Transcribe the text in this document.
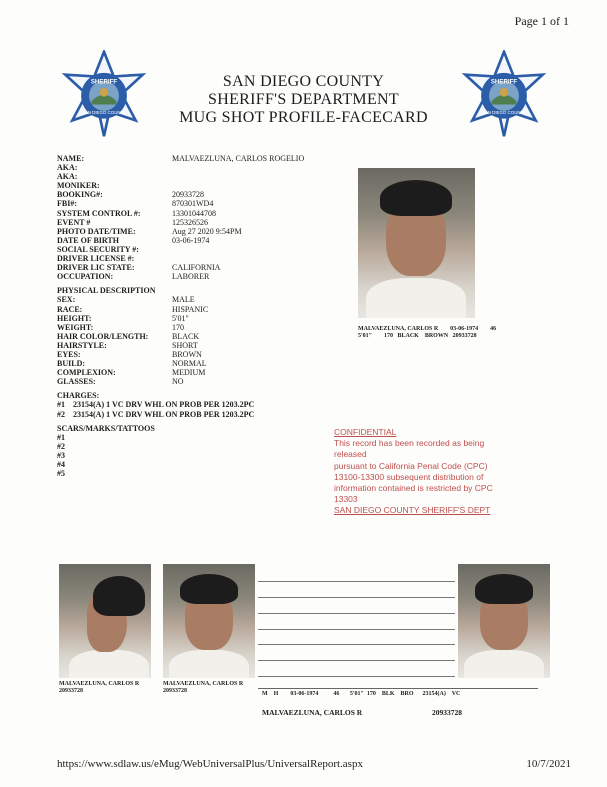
Page 1 of 1
SHERIFF
SAN DIEGO COUNTY
SHERIFF
SAN DIEGO COUNTY
SAN DIEGO COUNTY
SHERIFF'S DEPARTMENT
MUG SHOT PROFILE-FACECARD
NAME:	MALVAEZLUNA, CARLOS ROGELIO
AKA:
AKA:
MONIKER:
BOOKING#:	20933728
FBI#:	870301WD4
SYSTEM CONTROL #:	13301044708
EVENT #	125326526
PHOTO DATE/TIME:	Aug 27 2020 9:54PM
DATE OF BIRTH	03-06-1974
SOCIAL SECURITY #:
DRIVER LICENSE #:
DRIVER LIC STATE:	CALIFORNIA
OCCUPATION:	LABORER
PHYSICAL DESCRIPTION
SEX:	MALE
RACE:	HISPANIC
HEIGHT:	5'01"
WEIGHT:	170
HAIR COLOR/LENGTH:	BLACK
HAIRSTYLE:	SHORT
EYES:	BROWN
BUILD:	NORMAL
COMPLEXION:	MEDIUM
GLASSES:	NO
CHARGES:
#1    23154(A) 1 VC DRV WHL ON PROB PER 1203.2PC
#2    23154(A) 1 VC DRV WHL ON PROB PER 1203.2PC
SCARS/MARKS/TATTOOS
#1
#2
#3
#4
#5
MALVAEZLUNA, CARLOS R        03-06-1974        46
5'01"        170   BLACK    BROWN   20933728
CONFIDENTIAL
This record has been recorded as being released
pursuant to California Penal Code (CPC)
13100-13300 subsequent distribution of
information contained is restricted by CPC 13303
SAN DIEGO COUNTY SHERIFF'S DEPT
MALVAEZLUNA, CARLOS R
20933728
MALVAEZLUNA, CARLOS R
20933728	M    H        03-06-1974          46       5'01"  170    BLK    BRO      23154(A)    VC
MALVAEZLUNA, CARLOS R	20933728
https://www.sdlaw.us/eMug/WebUniversalPlus/UniversalReport.aspx	10/7/2021
